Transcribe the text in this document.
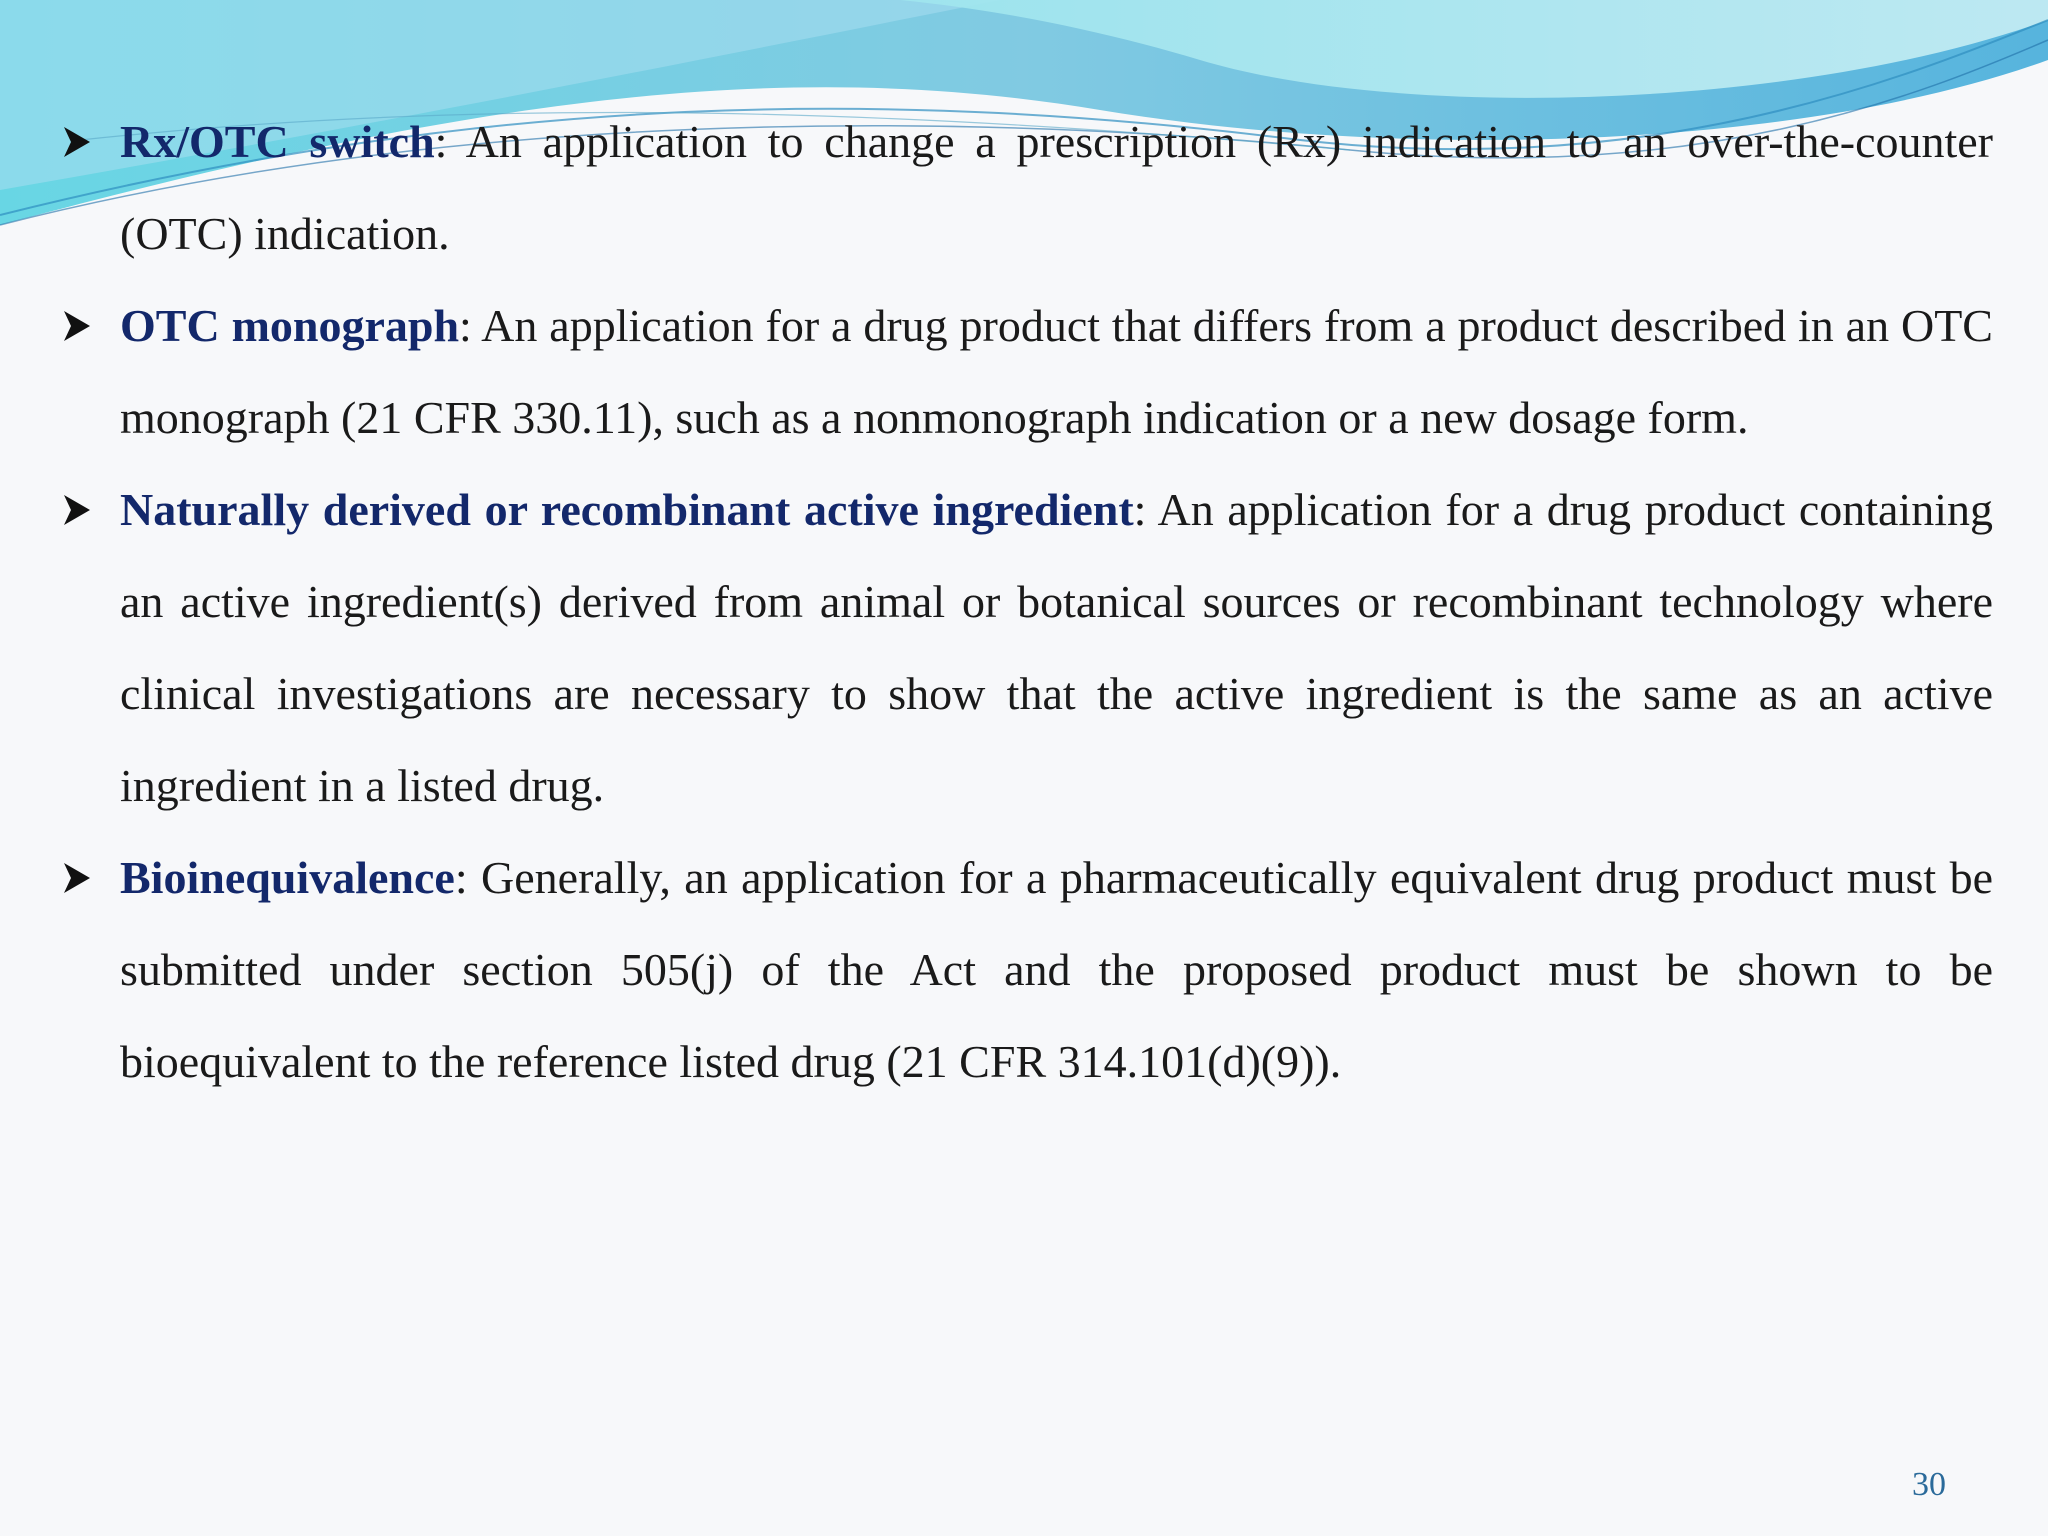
Rx/OTC switch: An application to change a prescription (Rx) indication to an over-the-counter (OTC) indication.
OTC monograph: An application for a drug product that differs from a product described in an OTC monograph (21 CFR 330.11), such as a nonmonograph indication or a new dosage form.
Naturally derived or recombinant active ingredient: An application for a drug product containing an active ingredient(s) derived from animal or botanical sources or recombinant technology where clinical investigations are necessary to show that the active ingredient is the same as an active ingredient in a listed drug.
Bioinequivalence: Generally, an application for a pharmaceutically equivalent drug product must be submitted under section 505(j) of the Act and the proposed product must be shown to be bioequivalent to the reference listed drug (21 CFR 314.101(d)(9)).
30
